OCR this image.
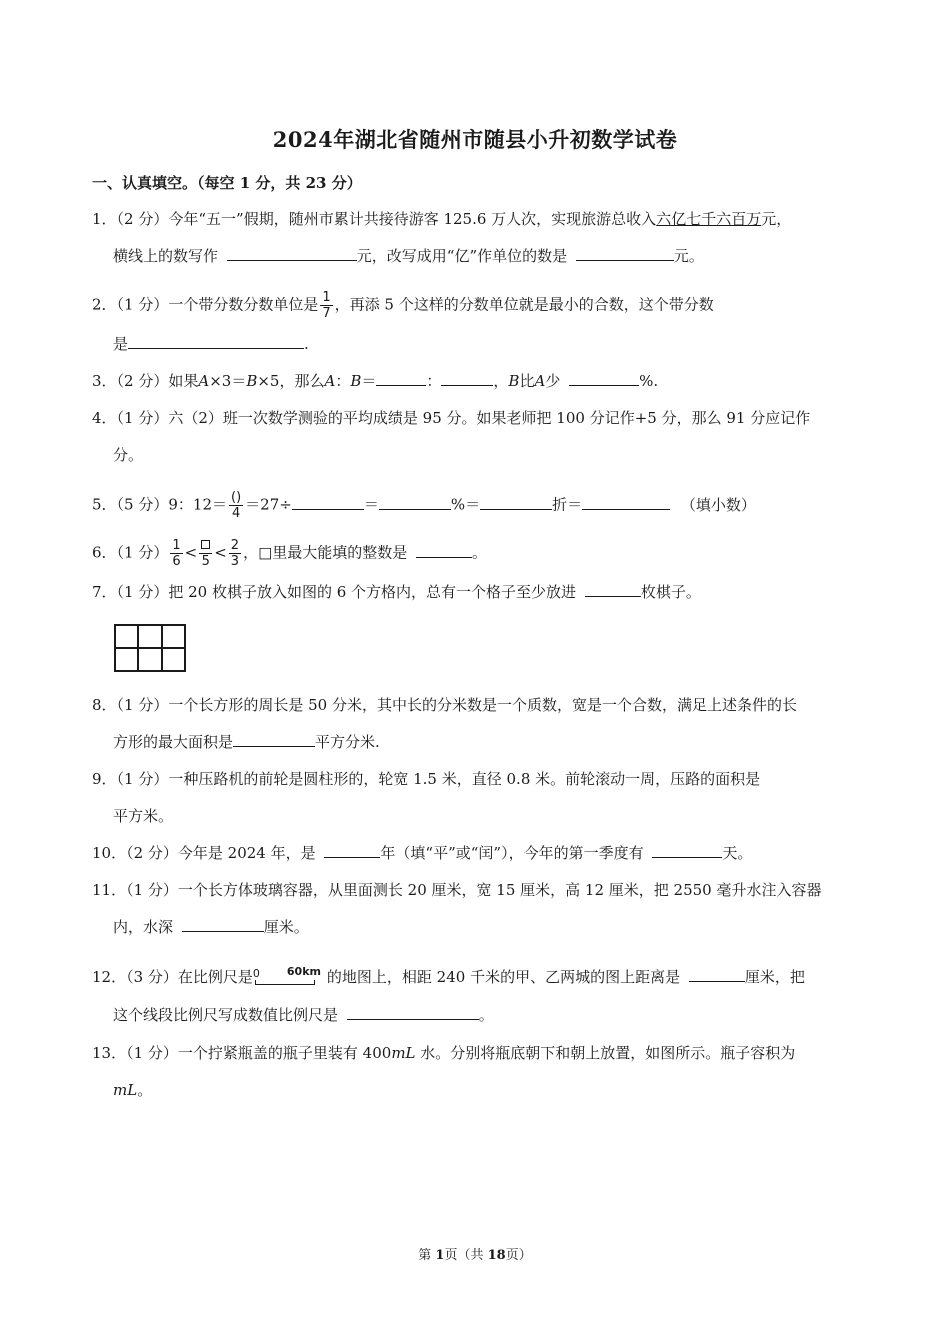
2024年湖北省随州市随县小升初数学试卷
一、认真填空。（每空 1 分，共 23 分）
1．（2 分）今年“五一”假期，随州市累计共接待游客 125.6 万人次，实现旅游总收入六亿七千六百万元，
横线上的数写作	元，改写成用“亿”作单位的数是	元。
2．（1 分）一个带分数分数单位是 $\frac{1}{7}$ ，再添 5 个这样的分数单位就是最小的合数，这个带分数
是	.
3．（2 分）如果A×3＝B×5，那么A：B＝	：	，B比A少	%.
4．（1 分）六（2）班一次数学测验的平均成绩是 95 分。如果老师把 100 分记作+5 分，那么 91 分应记作
分。
5．（5 分）9：$12= \frac{()}{4} =27\div$	＝	%＝	折＝	（填小数）
6．（1 分） $\frac{1}{6} < 5 < \frac{2}{3}$ ，□里最大能填的整数是	。
7．（1 分）把 20 枚棋子放入如图的 6 个方格内，总有一个格子至少放进	枚棋子。
8．（1 分）一个长方形的周长是 50 分米，其中长的分米数是一个质数，宽是一个合数，满足上述条件的长
方形的最大面积是	平方分米.
9．（1 分）一种压路机的前轮是圆柱形的，轮宽 1.5 米，直径 0.8 米。前轮滚动一周，压路的面积是
平方米。
10．（2 分）今年是 2024 年，是	年（填“平”或“闰”），今年的第一季度有	天。
11．（1 分）一个长方体玻璃容器，从里面测长 20 厘米，宽 15 厘米，高 12 厘米，把 2550 毫升水注入容器
内，水深	厘米。
12．（3 分）在比例尺是 0 60km 的地图上，相距 240 千米的甲、乙两城的图上距离是	厘米，把
这个线段比例尺写成数值比例尺是	。
13．（1 分）一个拧紧瓶盖的瓶子里装有 400mL 水。分别将瓶底朝下和朝上放置，如图所示。瓶子容积为
mL。
第 1页（共 18页）
